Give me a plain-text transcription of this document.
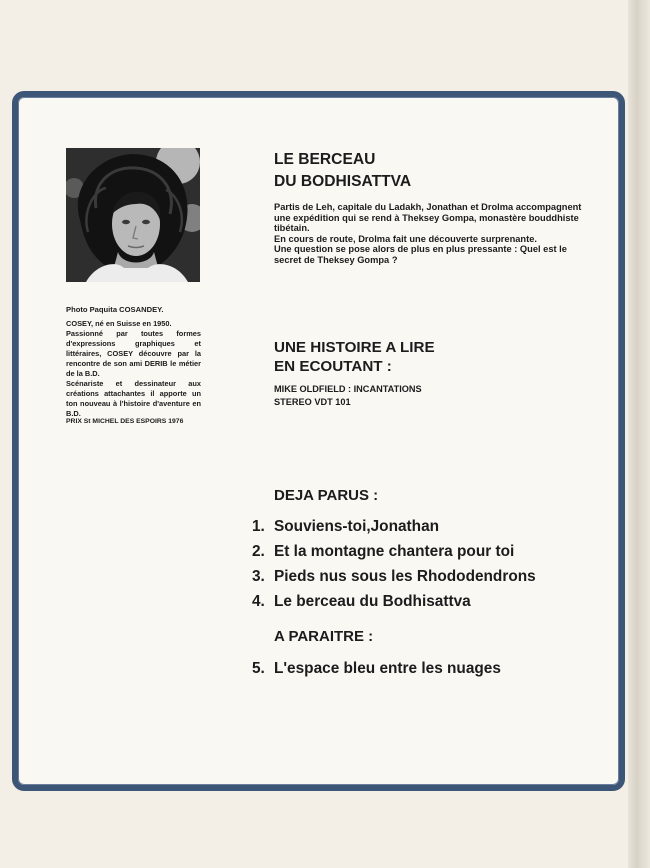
Photo Paquita COSANDEY.

COSEY, né en Suisse en 1950.
Passionné par toutes formes d'expressions graphiques et littéraires, COSEY découvre par la rencontre de son ami DERIB le métier de la B.D.
Scénariste et dessinateur aux créations attachantes il apporte un ton nouveau à l'histoire d'aventure en B.D.

PRIX St MICHEL DES ESPOIRS 1976

LE BERCEAU
DU BODHISATTVA

Partis de Leh, capitale du Ladakh, Jonathan et Drolma accompagnent une expédition qui se rend à Theksey Gompa, monastère bouddhiste tibétain.

En cours de route, Drolma fait une découverte surprenante.

Une question se pose alors de plus en plus pressante : Quel est le secret de Theksey Gompa ?

UNE HISTOIRE A LIRE
EN ECOUTANT :

MIKE OLDFIELD : INCANTATIONS

STEREO VDT 101

DEJA PARUS :

1. Souviens-toi,Jonathan
2. Et la montagne chantera pour toi
3. Pieds nus sous les Rhododendrons
4. Le berceau du Bodhisattva

A PARAITRE :

5. L'espace bleu entre les nuages
